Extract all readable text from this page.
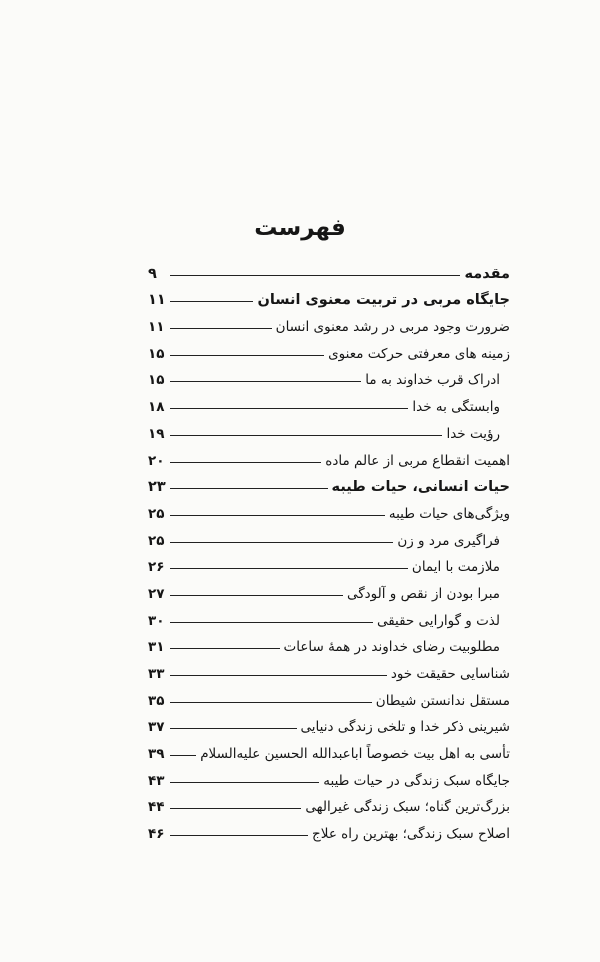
فهرست
مقدمه
۹
جایگاه مربی در تربیت معنوی انسان
۱۱
ضرورت وجود مربی در رشد معنوی انسان
۱۱
زمینه های معرفتی حرکت معنوی
۱۵
ادراک قرب خداوند به ما
۱۵
وابستگی به خدا
۱۸
رؤیت خدا
۱۹
اهمیت انقطاع مربی از عالم ماده
۲۰
حیات انسانی، حیات طیبه
۲۳
ویژگی‌های حیات طیبه
۲۵
فراگیری مرد و زن
۲۵
ملازمت با ایمان
۲۶
مبرا بودن از نقص و آلودگی
۲۷
لذت و گوارایی حقیقی
۳۰
مطلوبیت رضای خداوند در همهٔ ساعات
۳۱
شناسایی حقیقت خود
۳۳
مستقل ندانستن شیطان
۳۵
شیرینی ذکر خدا و تلخی زندگی دنیایی
۳۷
تأسی به اهل بیت خصوصاً اباعبدالله الحسین علیه‌السلام
۳۹
جایگاه سبک زندگی در حیات طیبه
۴۳
بزرگ‌ترین گناه؛ سبک زندگی غیرالهی
۴۴
اصلاح سبک زندگی؛ بهترین راه علاج
۴۶
